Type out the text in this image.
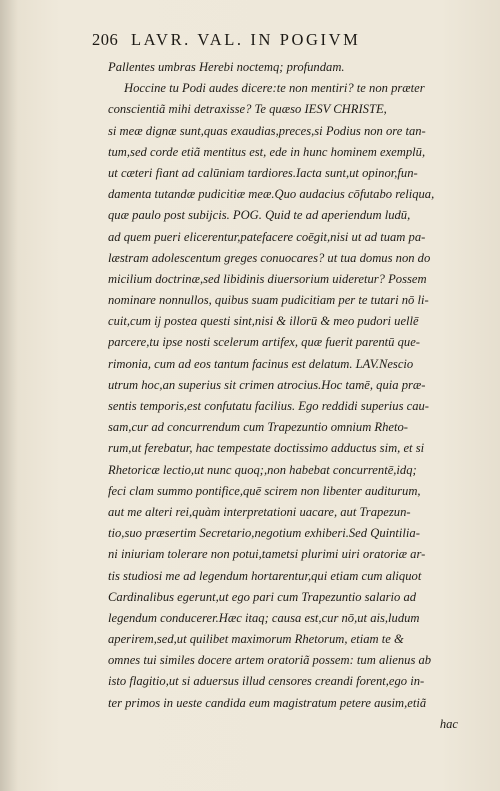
206 LAVR. VAL. IN POGIVM
Pallentes umbras Herebi noctemq; profundam.
Hoccine tu Podi audes dicere:te non mentiri? te non præter
conscientiã mihi detraxisse? Te quæso IESV CHRISTE,
si meæ dignæ sunt,quas exaudias,preces,si Podius non ore tan-
tum,sed corde etiã mentitus est, ede in hunc hominem exemplū,
ut cæteri fiant ad calūniam tardiores.Iacta sunt,ut opinor,fun-
damenta tutandæ pudicitiæ meæ.Quo audacius cōfutabo reliqua,
quæ paulo post subijcis. POG. Quid te ad aperiendum ludū,
ad quem pueri elicerentur,patefacere coēgit,nisi ut ad tuam pa-
læstram adolescentum greges conuocares? ut tua domus non do
micilium doctrinæ,sed libidinis diuersorium uideretur? Possem
nominare nonnullos, quibus suam pudicitiam per te tutari nō li-
cuit,cum ij postea questi sint,nisi & illorū & meo pudori uellē
parcere,tu ipse nosti scelerum artifex, quæ fuerit parentū que-
rimonia, cum ad eos tantum facinus est delatum. LAV.Nescio
utrum hoc,an superius sit crimen atrocius.Hoc tamē, quia præ-
sentis temporis,est confutatu facilius. Ego reddidi superius cau-
sam,cur ad concurrendum cum Trapezuntio omnium Rheto-
rum,ut ferebatur, hac tempestate doctissimo adductus sim, et si
Rhetoricæ lectio,ut nunc quoq;,non habebat concurrentē,idq;
feci clam summo pontifice,quē scirem non libenter auditurum,
aut me alteri rei,quàm interpretationi uacare, aut Trapezun-
tio,suo præsertim Secretario,negotium exhiberi.Sed Quintilia-
ni iniuriam tolerare non potui,tametsi plurimi uiri oratoriæ ar-
tis studiosi me ad legendum hortarentur,qui etiam cum aliquot
Cardinalibus egerunt,ut ego pari cum Trapezuntio salario ad
legendum conducerer.Hæc itaq; causa est,cur nō,ut ais,ludum
aperirem,sed,ut quilibet maximorum Rhetorum, etiam te &
omnes tui similes docere artem oratoriã possem: tum alienus ab
isto flagitio,ut si aduersus illud censores creandi forent,ego in-
ter primos in ueste candida eum magistratum petere ausim,etiã
hac
